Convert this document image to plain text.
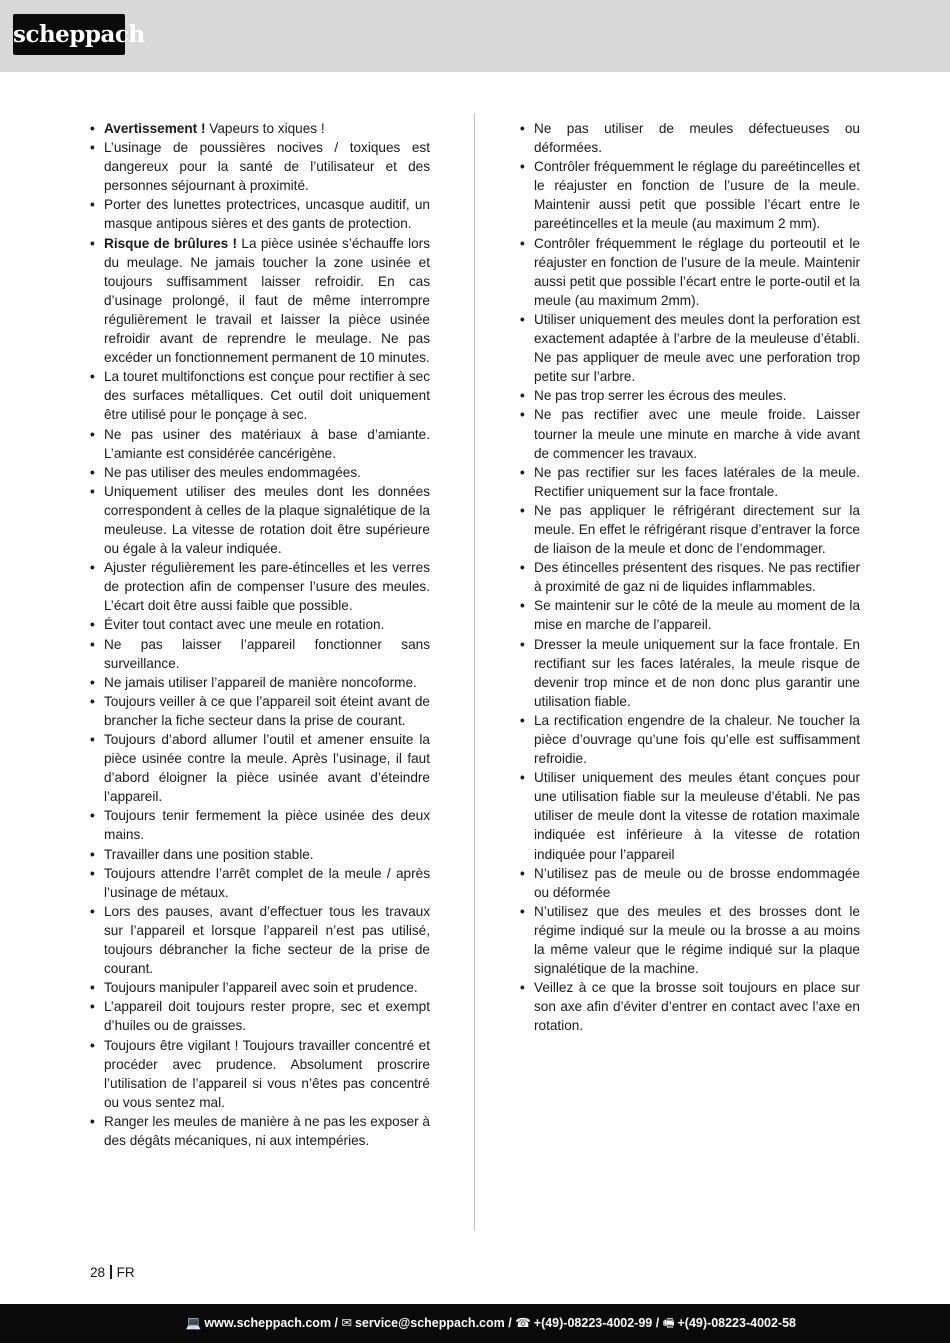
scheppach
• Avertissement ! Vapeurs to xiques !
• L’usinage de poussières nocives / toxiques est dangereux pour la santé de l’utilisateur et des personnes séjournant à proximité.
• Porter des lunettes protectrices, uncasque auditif, un masque antipous sières et des gants de protection.
• Risque de brûlures ! La pièce usinée s’échauffe lors du meulage. Ne jamais toucher la zone usinée et toujours suffisamment laisser refroidir. En cas d’usinage prolongé, il faut de même interrompre régulièrement le travail et laisser la pièce usinée refroidir avant de reprendre le meulage. Ne pas excéder un fonctionnement permanent de 10 minutes.
• La touret multifonctions est conçue pour rectifier à sec des surfaces métalliques. Cet outil doit uniquement être utilisé pour le ponçage à sec.
• Ne pas usiner des matériaux à base d’amiante. L’amiante est considérée cancérigène.
• Ne pas utiliser des meules endommagées.
• Uniquement utiliser des meules dont les données correspondent à celles de la plaque signalétique de la meuleuse. La vitesse de rotation doit être supérieure ou égale à la valeur indiquée.
• Ajuster régulièrement les pare-étincelles et les verres de protection afin de compenser l’usure des meules. L’écart doit être aussi faible que possible.
• Éviter tout contact avec une meule en rotation.
• Ne pas laisser l’appareil fonctionner sans surveillance.
• Ne jamais utiliser l’appareil de manière noncoforme.
• Toujours veiller à ce que l’appareil soit éteint avant de brancher la fiche secteur dans la prise de courant.
• Toujours d’abord allumer l’outil et amener ensuite la pièce usinée contre la meule. Après l’usinage, il faut d’abord éloigner la pièce usinée avant d’éteindre l’appareil.
• Toujours tenir fermement la pièce usinée des deux mains.
• Travailler dans une position stable.
• Toujours attendre l’arrêt complet de la meule / après l’usinage de métaux.
• Lors des pauses, avant d’effectuer tous les travaux sur l’appareil et lorsque l’appareil n’est pas utilisé, toujours débrancher la fiche secteur de la prise de courant.
• Toujours manipuler l’appareil avec soin et prudence.
• L’appareil doit toujours rester propre, sec et exempt d’huiles ou de graisses.
• Toujours être vigilant ! Toujours travailler concentré et procéder avec prudence. Absolument proscrire l’utilisation de l’appareil si vous n’êtes pas concentré ou vous sentez mal.
• Ranger les meules de manière à ne pas les exposer à des dégâts mécaniques, ni aux intempéries.
• Ne pas utiliser de meules défectueuses ou déformées.
• Contrôler fréquemment le réglage du pareétincelles et le réajuster en fonction de l’usure de la meule. Maintenir aussi petit que possible l’écart entre le pareétincelles et la meule (au maximum 2 mm).
• Contrôler fréquemment le réglage du porteoutil et le réajuster en fonction de l’usure de la meule. Maintenir aussi petit que possible l’écart entre le porte-outil et la meule (au maximum 2mm).
• Utiliser uniquement des meules dont la perforation est exactement adaptée à l’arbre de la meuleuse d’établi. Ne pas appliquer de meule avec une perforation trop petite sur l’arbre.
• Ne pas trop serrer les écrous des meules.
• Ne pas rectifier avec une meule froide. Laisser tourner la meule une minute en marche à vide avant de commencer les travaux.
• Ne pas rectifier sur les faces latérales de la meule. Rectifier uniquement sur la face frontale.
• Ne pas appliquer le réfrigérant directement sur la meule. En effet le réfrigérant risque d’entraver la force de liaison de la meule et donc de l’endommager.
• Des étincelles présentent des risques. Ne pas rectifier à proximité de gaz ni de liquides inflammables.
• Se maintenir sur le côté de la meule au moment de la mise en marche de l’appareil.
• Dresser la meule uniquement sur la face frontale. En rectifiant sur les faces latérales, la meule risque de devenir trop mince et de non donc plus garantir une utilisation fiable.
• La rectification engendre de la chaleur. Ne toucher la pièce d’ouvrage qu’une fois qu’elle est suffisamment refroidie.
• Utiliser uniquement des meules étant conçues pour une utilisation fiable sur la meuleuse d’établi. Ne pas utiliser de meule dont la vitesse de rotation maximale indiquée est inférieure à la vitesse de rotation indiquée pour l’appareil
• N’utilisez pas de meule ou de brosse endommagée ou déformée
• N’utilisez que des meules et des brosses dont le régime indiqué sur la meule ou la brosse a au moins la même valeur que le régime indiqué sur la plaque signalétique de la machine.
• Veillez à ce que la brosse soit toujours en place sur son axe afin d’éviter d’entrer en contact avec l’axe en rotation.
28 FR
💻 www.scheppach.com / ✉ service@scheppach.com / ☎ +(49)-08223-4002-99 / 🖷 +(49)-08223-4002-58
